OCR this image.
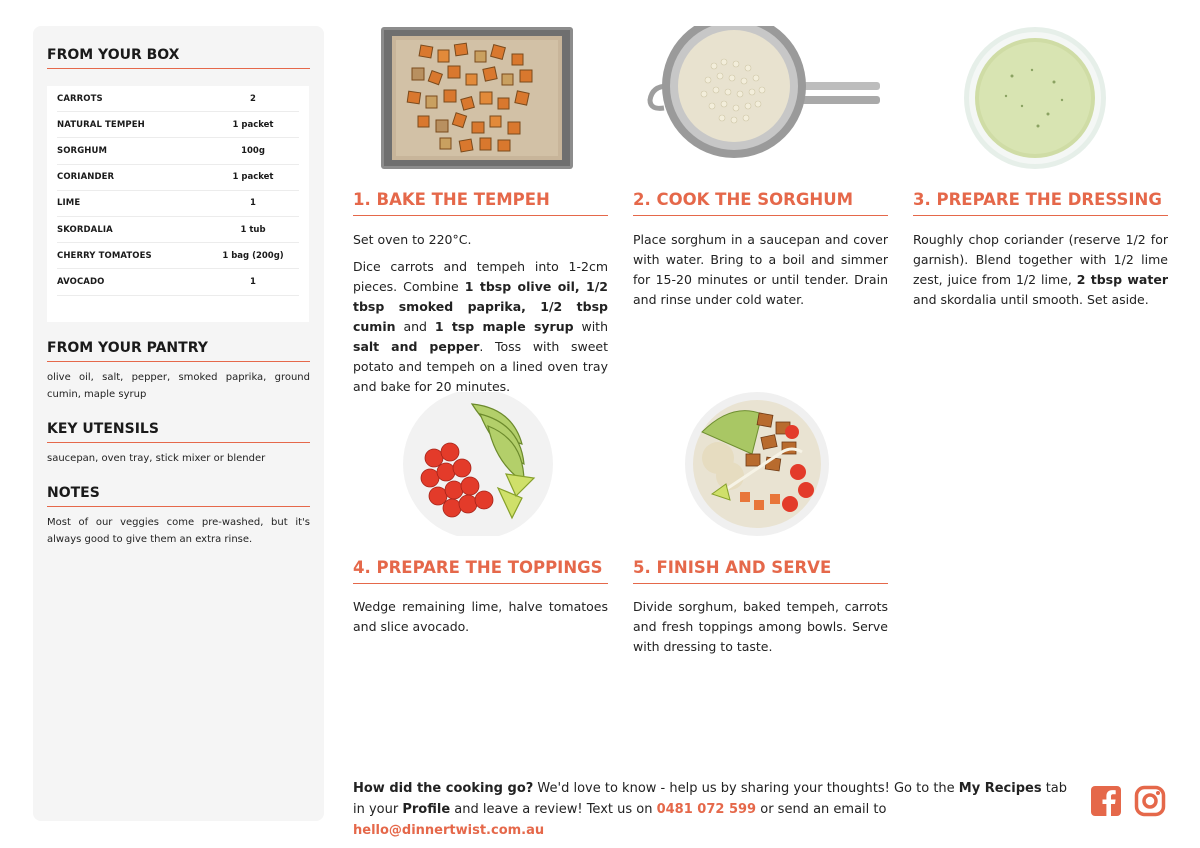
FROM YOUR BOX
CARROTS	2
NATURAL TEMPEH	1 packet
SORGHUM	100g
CORIANDER	1 packet
LIME	1
SKORDALIA	1 tub
CHERRY TOMATOES	1 bag (200g)
AVOCADO	1
FROM YOUR PANTRY
olive oil, salt, pepper, smoked paprika, ground cumin, maple syrup
KEY UTENSILS
saucepan, oven tray, stick mixer or blender
NOTES
Most of our veggies come pre-washed, but it's always good to give them an extra rinse.
1. BAKE THE TEMPEH

Set oven to 220°C.

Dice carrots and tempeh into 1-2cm pieces. Combine 1 tbsp olive oil, 1/2 tbsp smoked paprika, 1/2 tbsp cumin and 1 tsp maple syrup with salt and pepper. Toss with sweet potato and tempeh on a lined oven tray and bake for 20 minutes.

2. COOK THE SORGHUM
Place sorghum in a saucepan and cover with water. Bring to a boil and simmer for 15-20 minutes or until tender. Drain and rinse under cold water.
3. PREPARE THE DRESSING
Roughly chop coriander (reserve 1/2 for garnish). Blend together with 1/2 lime zest, juice from 1/2 lime, 2 tbsp water and skordalia until smooth. Set aside.
4. PREPARE THE TOPPINGS
Wedge remaining lime, halve tomatoes and slice avocado.
5. FINISH AND SERVE
Divide sorghum, baked tempeh, carrots and fresh toppings among bowls. Serve with dressing to taste.
How did the cooking go? We'd love to know - help us by sharing your thoughts! Go to the My Recipes tab in your Profile and leave a review! Text us on 0481 072 599 or send an email to hello@dinnertwist.com.au
